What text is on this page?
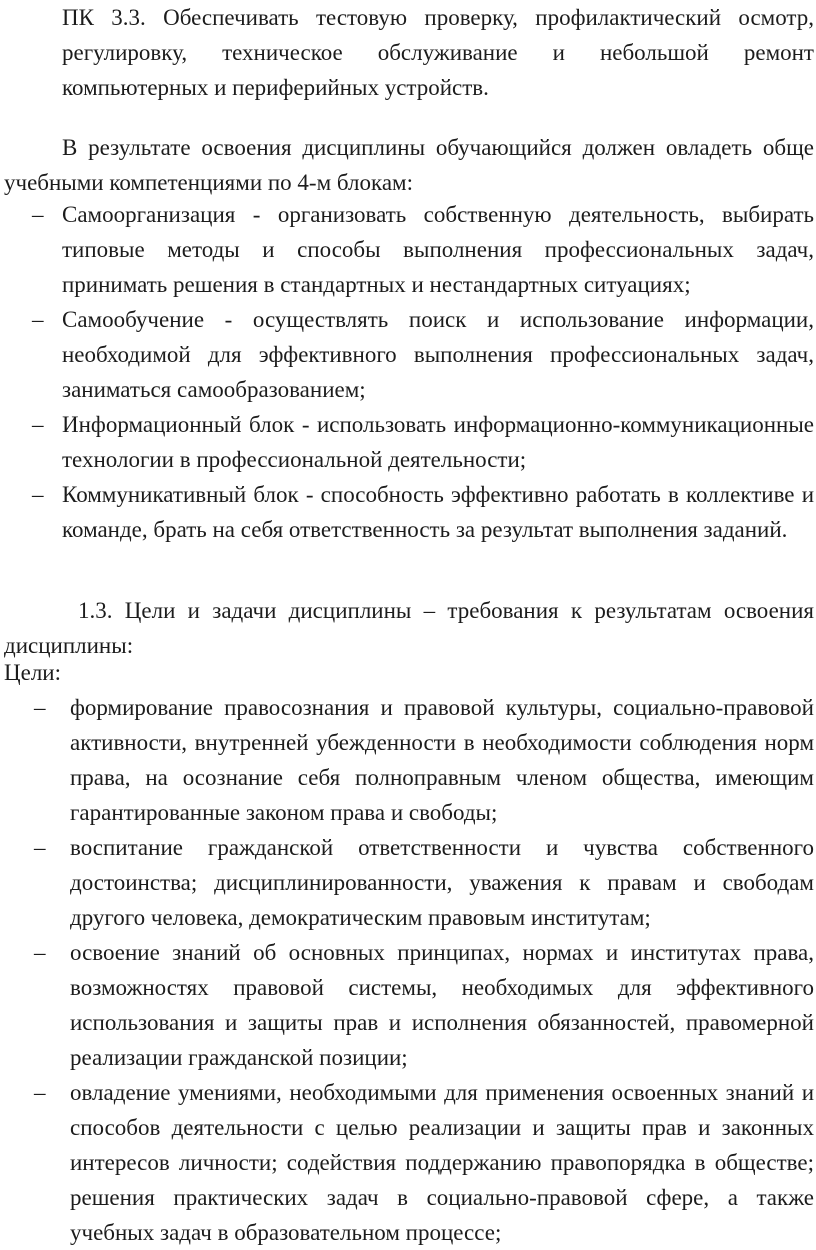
ПК 3.3. Обеспечивать тестовую проверку, профилактический осмотр, регулировку, техническое обслуживание и небольшой ремонт компьютерных и периферийных устройств.
В результате освоения дисциплины обучающийся должен овладеть обще учебными компетенциями по 4-м блокам:
– Самоорганизация - организовать собственную деятельность, выбирать типовые методы и способы выполнения профессиональных задач, принимать решения в стандартных и нестандартных ситуациях;
– Самообучение - осуществлять поиск и использование информации, необходимой для эффективного выполнения профессиональных задач, заниматься самообразованием;
– Информационный блок - использовать информационно-коммуникационные технологии в профессиональной деятельности;
– Коммуникативный блок - способность эффективно работать в коллективе и команде, брать на себя ответственность за результат выполнения заданий.
1.3. Цели и задачи дисциплины – требования к результатам освоения дисциплины:
Цели:
– формирование правосознания и правовой культуры, социально-правовой активности, внутренней убежденности в необходимости соблюдения норм права, на осознание себя полноправным членом общества, имеющим гарантированные законом права и свободы;
– воспитание гражданской ответственности и чувства собственного достоинства; дисциплинированности, уважения к правам и свободам другого человека, демократическим правовым институтам;
– освоение знаний об основных принципах, нормах и институтах права, возможностях правовой системы, необходимых для эффективного использования и защиты прав и исполнения обязанностей, правомерной реализации гражданской позиции;
– овладение умениями, необходимыми для применения освоенных знаний и способов деятельности с целью реализации и защиты прав и законных интересов личности; содействия поддержанию правопорядка в обществе; решения практических задач в социально-правовой сфере, а также учебных задач в образовательном процессе;
